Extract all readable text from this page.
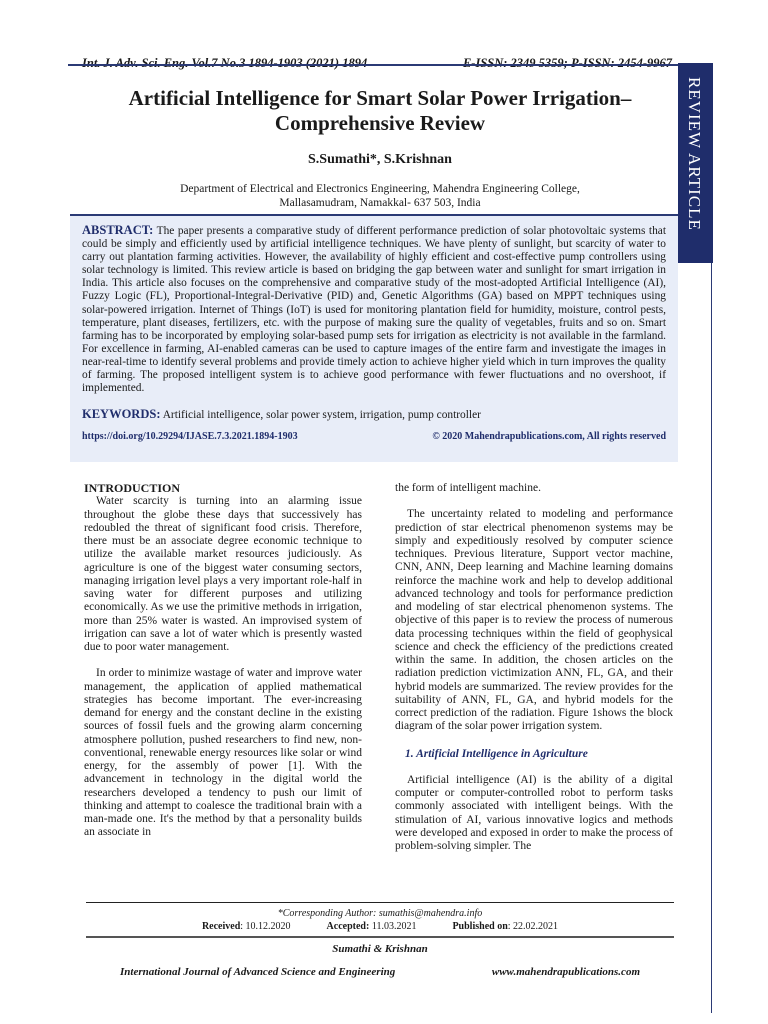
Int. J. Adv. Sci. Eng. Vol.7 No.3 1894-1903 (2021) 1894	E-ISSN: 2349 5359; P-ISSN: 2454-9967
REVIEW ARTICLE
Artificial Intelligence for Smart Solar Power Irrigation–
Comprehensive Review
S.Sumathi*, S.Krishnan
Department of Electrical and Electronics Engineering, Mahendra Engineering College,
Mallasamudram, Namakkal- 637 503, India
ABSTRACT: The paper presents a comparative study of different performance prediction of solar photovoltaic systems that could be simply and efficiently used by artificial intelligence techniques. We have plenty of sunlight, but scarcity of water to carry out plantation farming activities. However, the availability of highly efficient and cost-effective pump controllers using solar technology is limited. This review article is based on bridging the gap between water and sunlight for smart irrigation in India. This article also focuses on the comprehensive and comparative study of the most-adopted Artificial Intelligence (AI), Fuzzy Logic (FL), Proportional-Integral-Derivative (PID) and, Genetic Algorithms (GA) based on MPPT techniques using solar-powered irrigation. Internet of Things (IoT) is used for monitoring plantation field for humidity, moisture, control pests, temperature, plant diseases, fertilizers, etc. with the purpose of making sure the quality of vegetables, fruits and so on. Smart farming has to be incorporated by employing solar-based pump sets for irrigation as electricity is not available in the farmland. For excellence in farming, AI-enabled cameras can be used to capture images of the entire farm and investigate the images in near-real-time to identify several problems and provide timely action to achieve higher yield which in turn improves the quality of farming. The proposed intelligent system is to achieve good performance with fewer fluctuations and no overshoot, if implemented.
KEYWORDS: Artificial intelligence, solar power system, irrigation, pump controller
https://doi.org/10.29294/IJASE.7.3.2021.1894-1903	© 2020 Mahendrapublications.com, All rights reserved
INTRODUCTION

Water scarcity is turning into an alarming issue throughout the globe these days that successively has redoubled the threat of significant food crisis. Therefore, there must be an associate degree economic technique to utilize the available market resources judiciously. As agriculture is one of the biggest water consuming sectors, managing irrigation level plays a very important role-half in saving water for different purposes and utilizing economically. As we use the primitive methods in irrigation, more than 25% water is wasted. An improvised system of irrigation can save a lot of water which is presently wasted due to poor water management.

In order to minimize wastage of water and improve water management, the application of applied mathematical strategies has become important. The ever-increasing demand for energy and the constant decline in the existing sources of fossil fuels and the growing alarm concerning atmosphere pollution, pushed researchers to find new, non-conventional, renewable energy resources like solar or wind energy, for the assembly of power [1]. With the advancement in technology in the digital world the researchers developed a tendency to push our limit of thinking and attempt to coalesce the traditional brain with a man-made one. It's the method by that a personality builds an associate in

the form of intelligent machine.

The uncertainty related to modeling and performance prediction of star electrical phenomenon systems may be simply and expeditiously resolved by computer science techniques. Previous literature, Support vector machine, CNN, ANN, Deep learning and Machine learning domains reinforce the machine work and help to develop additional advanced technology and tools for performance prediction and modeling of star electrical phenomenon systems. The objective of this paper is to review the process of numerous data processing techniques within the field of geophysical science and check the efficiency of the predictions created within the same. In addition, the chosen articles on the radiation prediction victimization ANN, FL, GA, and their hybrid models are summarized. The review provides for the suitability of ANN, FL, GA, and hybrid models for the correct prediction of the radiation. Figure 1shows the block diagram of the solar power irrigation system.

1. Artificial Intelligence in Agriculture

Artificial intelligence (AI) is the ability of a digital computer or computer-controlled robot to perform tasks commonly associated with intelligent beings. With the stimulation of AI, various innovative logics and methods were developed and exposed in order to make the process of problem-solving simpler. The

*Corresponding Author: sumathis@mahendra.info
Received: 10.12.2020	Accepted: 11.03.2021	Published on: 22.02.2021
Sumathi & Krishnan
International Journal of Advanced Science and Engineering	www.mahendrapublications.com
